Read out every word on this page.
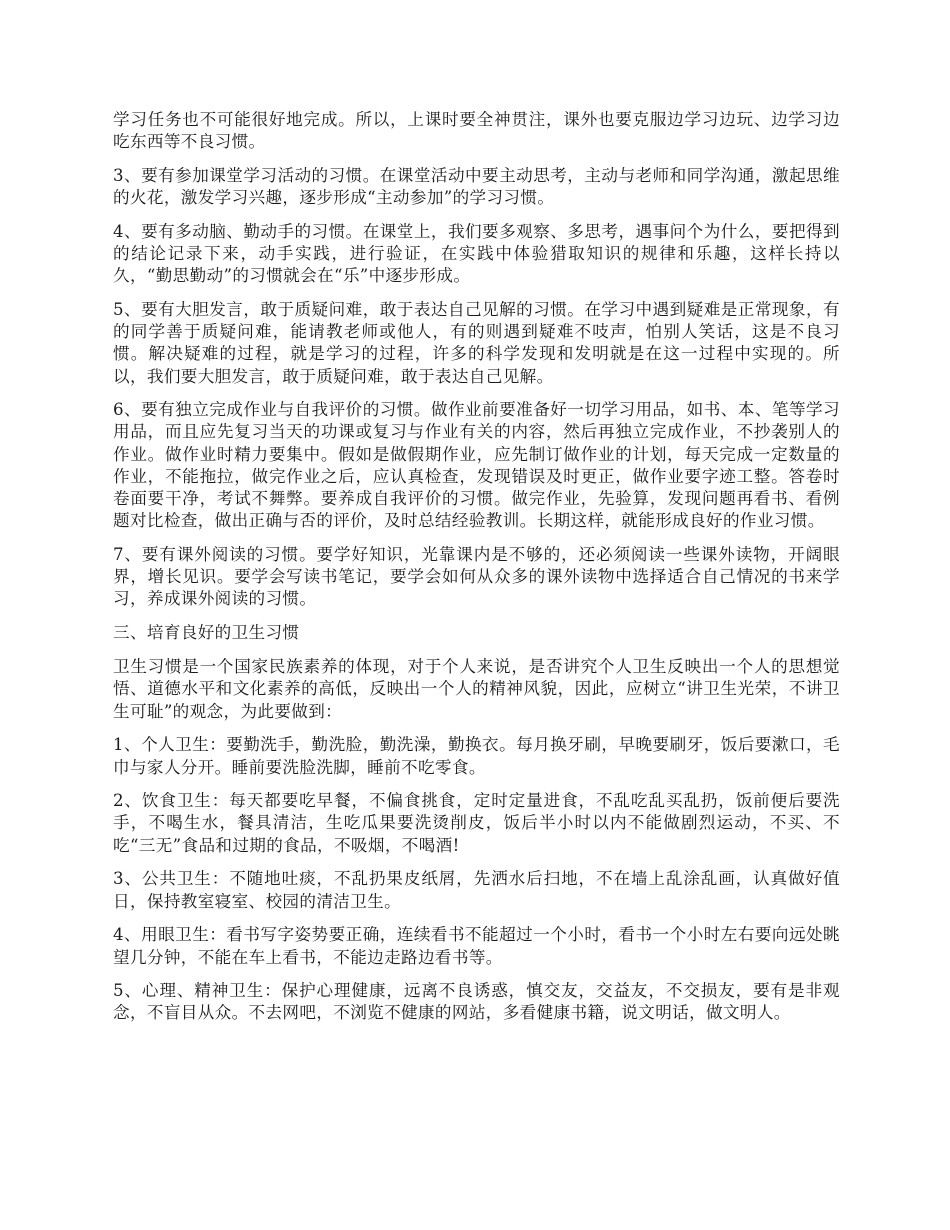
学习任务也不可能很好地完成。所以，上课时要全神贯注，课外也要克服边学习边玩、边学习边吃东西等不良习惯。

3、要有参加课堂学习活动的习惯。在课堂活动中要主动思考，主动与老师和同学沟通，激起思维的火花，激发学习兴趣，逐步形成“主动参加”的学习习惯。

4、要有多动脑、勤动手的习惯。在课堂上，我们要多观察、多思考，遇事问个为什么，要把得到的结论记录下来，动手实践，进行验证，在实践中体验猎取知识的规律和乐趣，这样长持以久，“勤思勤动”的习惯就会在“乐”中逐步形成。

5、要有大胆发言，敢于质疑问难，敢于表达自己见解的习惯。在学习中遇到疑难是正常现象，有的同学善于质疑问难，能请教老师或他人，有的则遇到疑难不吱声，怕别人笑话，这是不良习惯。解决疑难的过程，就是学习的过程，许多的科学发现和发明就是在这一过程中实现的。所以，我们要大胆发言，敢于质疑问难，敢于表达自己见解。

6、要有独立完成作业与自我评价的习惯。做作业前要准备好一切学习用品，如书、本、笔等学习用品，而且应先复习当天的功课或复习与作业有关的内容，然后再独立完成作业，不抄袭别人的作业。做作业时精力要集中。假如是做假期作业，应先制订做作业的计划，每天完成一定数量的作业，不能拖拉，做完作业之后，应认真检查，发现错误及时更正，做作业要字迹工整。答卷时卷面要干净，考试不舞弊。要养成自我评价的习惯。做完作业，先验算，发现问题再看书、看例题对比检查，做出正确与否的评价，及时总结经验教训。长期这样，就能形成良好的作业习惯。

7、要有课外阅读的习惯。要学好知识，光靠课内是不够的，还必须阅读一些课外读物，开阔眼界，增长见识。要学会写读书笔记，要学会如何从众多的课外读物中选择适合自己情况的书来学习，养成课外阅读的习惯。

三、培育良好的卫生习惯

卫生习惯是一个国家民族素养的体现，对于个人来说，是否讲究个人卫生反映出一个人的思想觉悟、道德水平和文化素养的高低，反映出一个人的精神风貌，因此，应树立“讲卫生光荣，不讲卫生可耻”的观念，为此要做到：

1、个人卫生：要勤洗手，勤洗脸，勤洗澡，勤换衣。每月换牙刷，早晚要刷牙，饭后要漱口，毛巾与家人分开。睡前要洗脸洗脚，睡前不吃零食。

2、饮食卫生：每天都要吃早餐，不偏食挑食，定时定量进食，不乱吃乱买乱扔，饭前便后要洗手，不喝生水，餐具清洁，生吃瓜果要洗烫削皮，饭后半小时以内不能做剧烈运动，不买、不吃“三无”食品和过期的食品，不吸烟，不喝酒!

3、公共卫生：不随地吐痰，不乱扔果皮纸屑，先洒水后扫地，不在墙上乱涂乱画，认真做好值日，保持教室寝室、校园的清洁卫生。

4、用眼卫生：看书写字姿势要正确，连续看书不能超过一个小时，看书一个小时左右要向远处眺望几分钟，不能在车上看书，不能边走路边看书等。

5、心理、精神卫生：保护心理健康，远离不良诱惑，慎交友，交益友，不交损友，要有是非观念，不盲目从众。不去网吧，不浏览不健康的网站，多看健康书籍，说文明话，做文明人。
